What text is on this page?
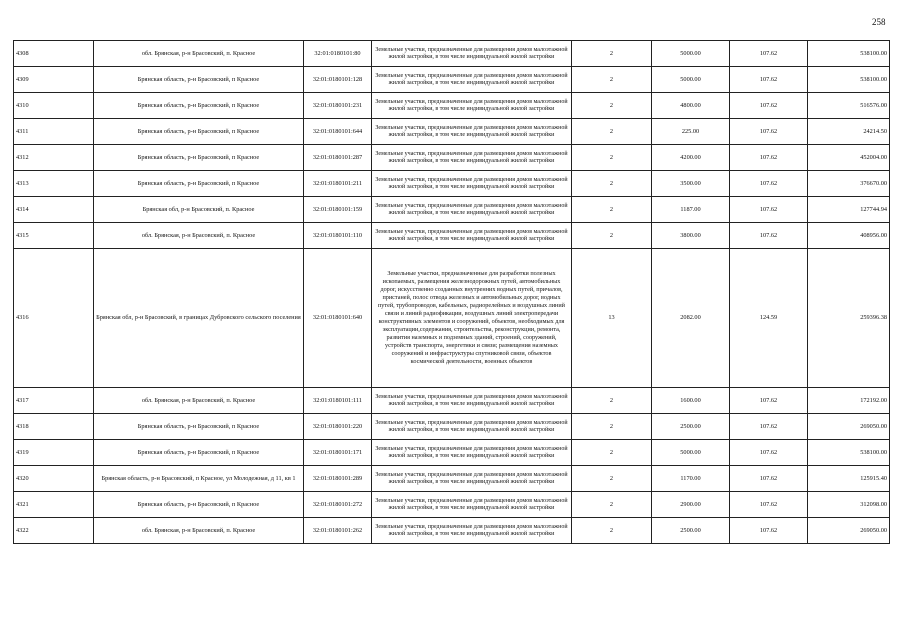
258
4308	обл. Брянская, р-н Брасовский, п. Красное	32:01:0180101:80	Земельные участки, предназначенные для размещения домов малоэтажной жилой застройки, в том числе индивидуальной жилой застройки	2	5000.00	107.62	538100.00
4309	Брянская область, р-н Брасовский, п Красное	32:01:0180101:128	Земельные участки, предназначенные для размещения домов малоэтажной жилой застройки, в том числе индивидуальной жилой застройки	2	5000.00	107.62	538100.00
4310	Брянская область, р-н Брасовский, п Красное	32:01:0180101:231	Земельные участки, предназначенные для размещения домов малоэтажной жилой застройки, в том числе индивидуальной жилой застройки	2	4800.00	107.62	516576.00
4311	Брянская область, р-н Брасовский, п Красное	32:01:0180101:644	Земельные участки, предназначенные для размещения домов малоэтажной жилой застройки, в том числе индивидуальной жилой застройки	2	225.00	107.62	24214.50
4312	Брянская область, р-н Брасовский, п Красное	32:01:0180101:287	Земельные участки, предназначенные для размещения домов малоэтажной жилой застройки, в том числе индивидуальной жилой застройки	2	4200.00	107.62	452004.00
4313	Брянская область, р-н Брасовский, п Красное	32:01:0180101:211	Земельные участки, предназначенные для размещения домов малоэтажной жилой застройки, в том числе индивидуальной жилой застройки	2	3500.00	107.62	376670.00
4314	Брянская обл, р-н Брасовский, п. Красное	32:01:0180101:159	Земельные участки, предназначенные для размещения домов малоэтажной жилой застройки, в том числе индивидуальной жилой застройки	2	1187.00	107.62	127744.94
4315	обл. Брянская, р-н Брасовский, п. Красное	32:01:0180101:110	Земельные участки, предназначенные для размещения домов малоэтажной жилой застройки, в том числе индивидуальной жилой застройки	2	3800.00	107.62	408956.00
4316	Брянская обл, р-н Брасовский, в границах Дубровского сельского поселения	32:01:0180101:640	Земельные участки, предназначенные для разработки полезных ископаемых, размещения железнодорожных путей, автомобильных дорог, искусственно созданных внутренних водных путей, причалов, пристаней, полос отвода железных и автомобильных дорог, водных путей, трубопроводов, кабельных, радиорелейных и воздушных линий связи и линий радиофикации, воздушных линий электропередачи конструктивных элементов и сооружений, объектов, необходимых для эксплуатации,содержания, строительства, реконструкции, ремонта, развития наземных и подземных зданий, строений, сооружений, устройств транспорта, энергетики и связи; размещения наземных сооружений и инфраструктуры спутниковой связи, объектов космической деятельности, военных объектов	13	2082.00	124.59	259396.38
4317	обл. Брянская, р-н Брасовский, п. Красное	32:01:0180101:111	Земельные участки, предназначенные для размещения домов малоэтажной жилой застройки, в том числе индивидуальной жилой застройки	2	1600.00	107.62	172192.00
4318	Брянская область, р-н Брасовский, п Красное	32:01:0180101:220	Земельные участки, предназначенные для размещения домов малоэтажной жилой застройки, в том числе индивидуальной жилой застройки	2	2500.00	107.62	269050.00
4319	Брянская область, р-н Брасовский, п Красное	32:01:0180101:171	Земельные участки, предназначенные для размещения домов малоэтажной жилой застройки, в том числе индивидуальной жилой застройки	2	5000.00	107.62	538100.00
4320	Брянская область, р-н Брасовский, п Красное, ул Молодежная, д 11, кв 1	32:01:0180101:289	Земельные участки, предназначенные для размещения домов малоэтажной жилой застройки, в том числе индивидуальной жилой застройки	2	1170.00	107.62	125915.40
4321	Брянская область, р-н Брасовский, п Красное	32:01:0180101:272	Земельные участки, предназначенные для размещения домов малоэтажной жилой застройки, в том числе индивидуальной жилой застройки	2	2900.00	107.62	312098.00
4322	обл. Брянская, р-н Брасовский, п. Красное	32:01:0180101:262	Земельные участки, предназначенные для размещения домов малоэтажной жилой застройки, в том числе индивидуальной жилой застройки	2	2500.00	107.62	269050.00
